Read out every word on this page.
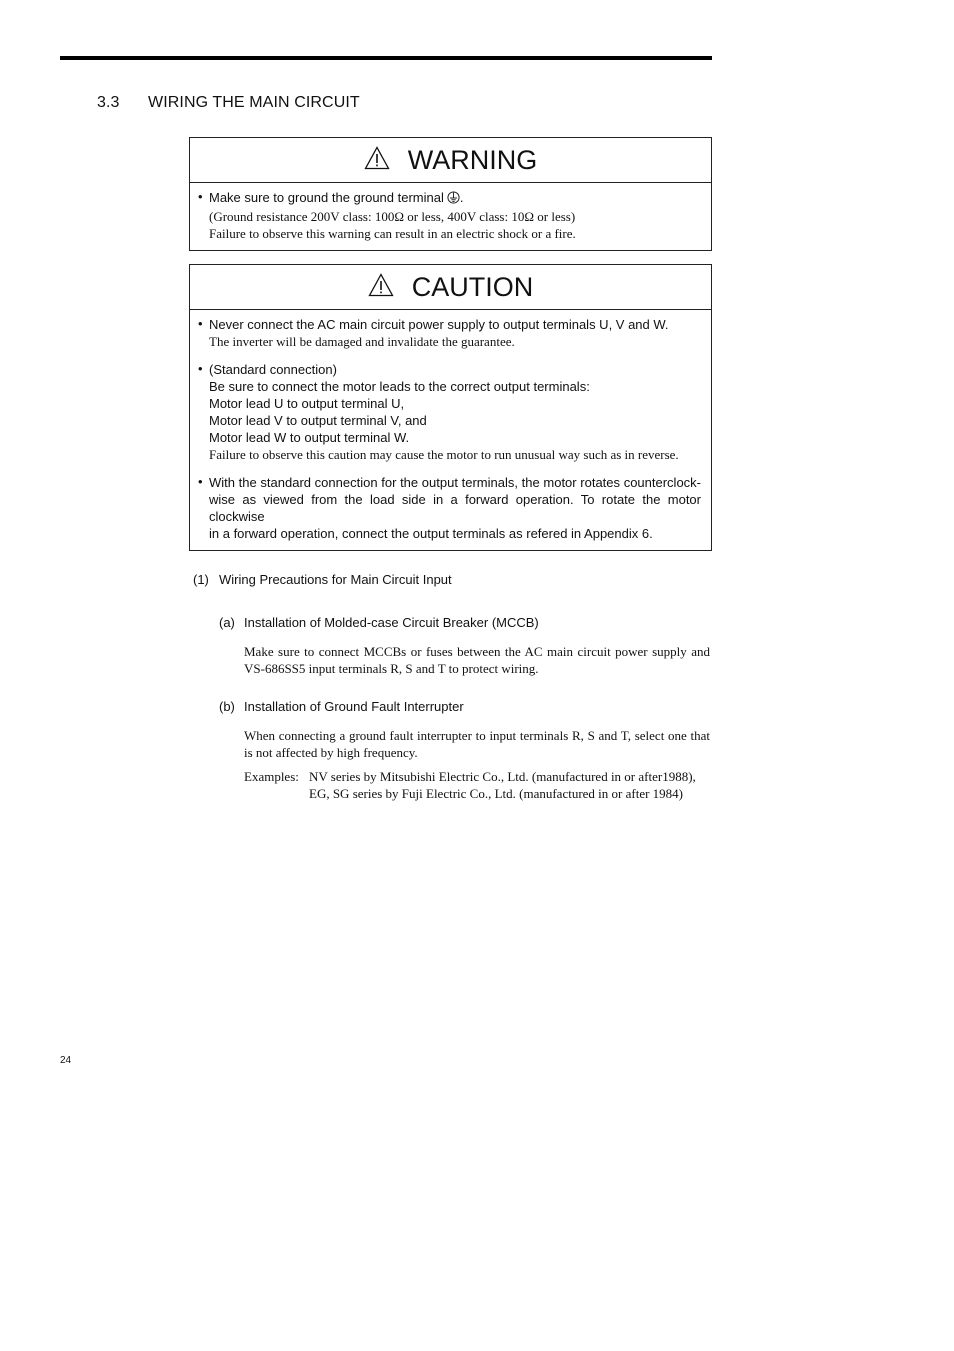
3.3 WIRING THE MAIN CIRCUIT
WARNING
• Make sure to ground the ground terminal .
(Ground resistance 200V class: 100Ω or less, 400V class: 10Ω or less)
Failure to observe this warning can result in an electric shock or a fire.
CAUTION
• Never connect the AC main circuit power supply to output terminals U, V and W.
The inverter will be damaged and invalidate the guarantee.
• (Standard connection)
Be sure to connect the motor leads to the correct output terminals:
Motor lead U to output terminal U,
Motor lead V to output terminal V, and
Motor lead W to output terminal W.
Failure to observe this caution may cause the motor to run unusual way such as in reverse.
• With the standard connection for the output terminals, the motor rotates counterclock-
wise as viewed from the load side in a forward operation. To rotate the motor clockwise
in a forward operation, connect the output terminals as refered in Appendix 6.
(1) Wiring Precautions for Main Circuit Input
(a) Installation of Molded-case Circuit Breaker (MCCB)
Make sure to connect MCCBs or fuses between the AC main circuit power supply and
VS-686SS5 input terminals R, S and T to protect wiring.
(b) Installation of Ground Fault Interrupter
When connecting a ground fault interrupter to input terminals R, S and T, select one that
is not affected by high frequency.
Examples: NV series by Mitsubishi Electric Co., Ltd. (manufactured in or after1988),
EG, SG series by Fuji Electric Co., Ltd. (manufactured in or after 1984)
24
